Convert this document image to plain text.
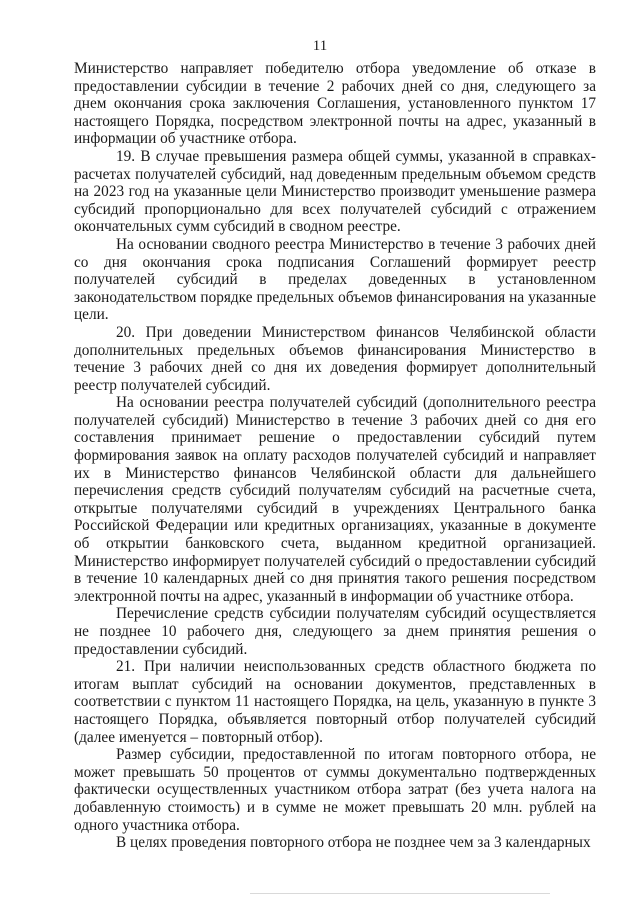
11

Министерство направляет победителю отбора уведомление об отказе в предоставлении субсидии в течение 2 рабочих дней со дня, следующего за днем окончания срока заключения Соглашения, установленного пунктом 17 настоящего Порядка, посредством электронной почты на адрес, указанный в информации об участнике отбора.

19. В случае превышения размера общей суммы, указанной в справках-расчетах получателей субсидий, над доведенным предельным объемом средств на 2023 год на указанные цели Министерство производит уменьшение размера субсидий пропорционально для всех получателей субсидий с отражением окончательных сумм субсидий в сводном реестре.

На основании сводного реестра Министерство в течение 3 рабочих дней со дня окончания срока подписания Соглашений формирует реестр получателей субсидий в пределах доведенных в установленном законодательством порядке предельных объемов финансирования на указанные цели.

20. При доведении Министерством финансов Челябинской области дополнительных предельных объемов финансирования Министерство в течение 3 рабочих дней со дня их доведения формирует дополнительный реестр получателей субсидий.

На основании реестра получателей субсидий (дополнительного реестра получателей субсидий) Министерство в течение 3 рабочих дней со дня его составления принимает решение о предоставлении субсидий путем формирования заявок на оплату расходов получателей субсидий и направляет их в Министерство финансов Челябинской области для дальнейшего перечисления средств субсидий получателям субсидий на расчетные счета, открытые получателями субсидий в учреждениях Центрального банка Российской Федерации или кредитных организациях, указанные в документе об открытии банковского счета, выданном кредитной организацией. Министерство информирует получателей субсидий о предоставлении субсидий в течение 10 календарных дней со дня принятия такого решения посредством электронной почты на адрес, указанный в информации об участнике отбора.

Перечисление средств субсидии получателям субсидий осуществляется не позднее 10 рабочего дня, следующего за днем принятия решения о предоставлении субсидий.

21. При наличии неиспользованных средств областного бюджета по итогам выплат субсидий на основании документов, представленных в соответствии с пунктом 11 настоящего Порядка, на цель, указанную в пункте 3 настоящего Порядка, объявляется повторный отбор получателей субсидий (далее именуется – повторный отбор).

Размер субсидии, предоставленной по итогам повторного отбора, не может превышать 50 процентов от суммы документально подтвержденных фактически осуществленных участником отбора затрат (без учета налога на добавленную стоимость) и в сумме не может превышать 20 млн. рублей на одного участника отбора.

В целях проведения повторного отбора не позднее чем за 3 календарных
